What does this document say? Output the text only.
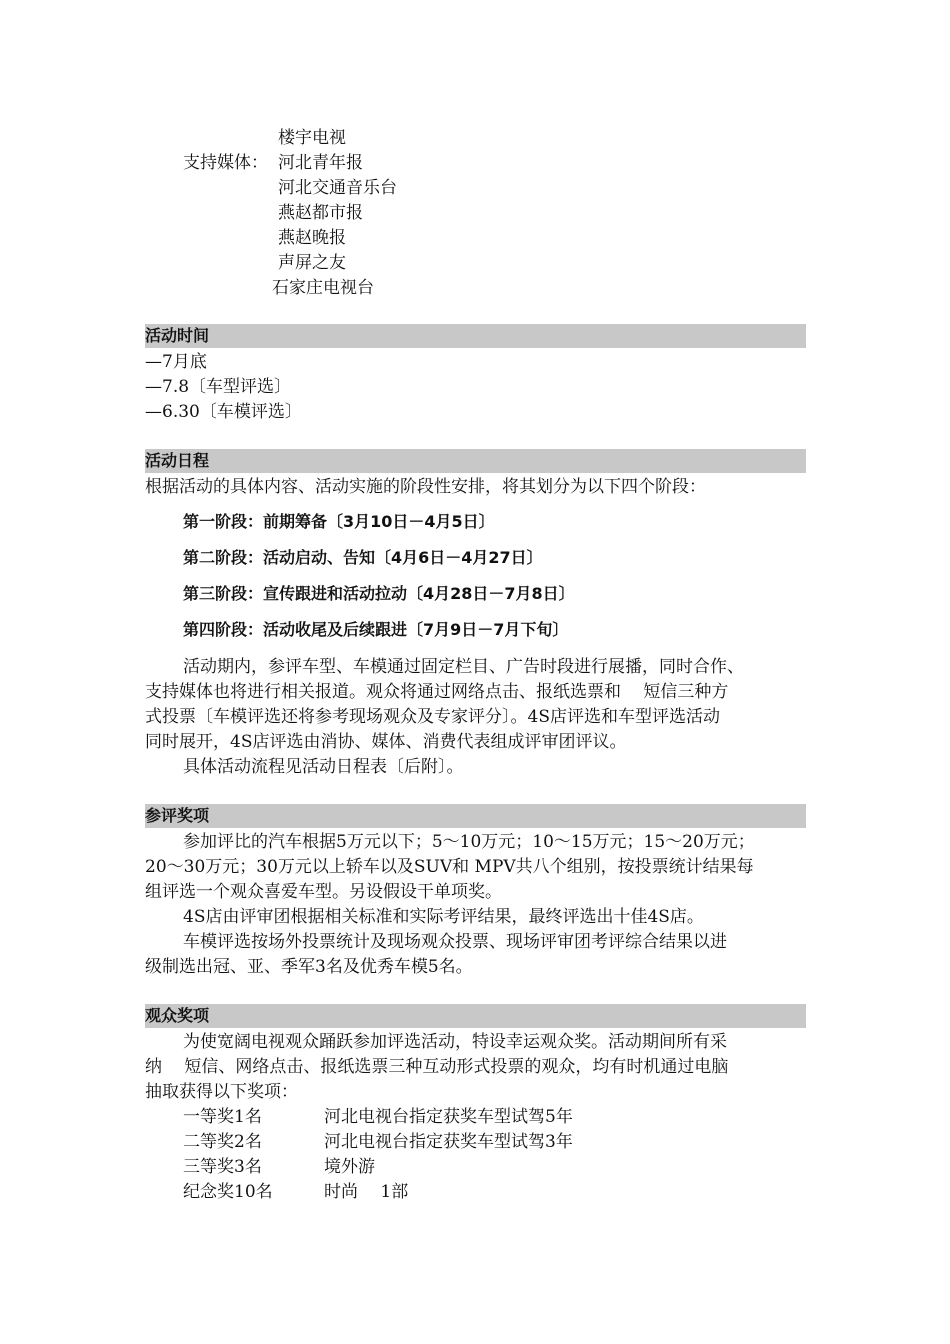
楼宇电视
支持媒体： 河北青年报
河北交通音乐台
燕赵都市报
燕赵晚报
声屏之友
石家庄电视台
活动时间
—7月底
—7.8〔车型评选〕
—6.30〔车模评选〕
活动日程
根据活动的具体内容、活动实施的阶段性安排，将其划分为以下四个阶段：
第一阶段：前期筹备〔3月10日－4月5日〕
第二阶段：活动启动、告知〔4月6日－4月27日〕
第三阶段：宣传跟进和活动拉动〔4月28日－7月8日〕
第四阶段：活动收尾及后续跟进〔7月9日－7月下旬〕
活动期内，参评车型、车模通过固定栏目、广告时段进行展播，同时合作、
支持媒体也将进行相关报道。观众将通过网络点击、报纸选票和　 短信三种方
式投票〔车模评选还将参考现场观众及专家评分〕。4S店评选和车型评选活动
同时展开，4S店评选由消协、媒体、消费代表组成评审团评议。
具体活动流程见活动日程表〔后附〕。
参评奖项
参加评比的汽车根据5万元以下；5～10万元；10～15万元；15～20万元；
20～30万元；30万元以上轿车以及SUV和 MPV共八个组别，按投票统计结果每
组评选一个观众喜爱车型。另设假设干单项奖。
4S店由评审团根据相关标准和实际考评结果，最终评选出十佳4S店。
车模评选按场外投票统计及现场观众投票、现场评审团考评综合结果以进
级制选出冠、亚、季军3名及优秀车模5名。
观众奖项
为使宽阔电视观众踊跃参加评选活动，特设幸运观众奖。活动期间所有采
纳　 短信、网络点击、报纸选票三种互动形式投票的观众，均有时机通过电脑
抽取获得以下奖项：
一等奖1名	河北电视台指定获奖车型试驾5年
二等奖2名	河北电视台指定获奖车型试驾3年
三等奖3名	境外游
纪念奖10名	时尚　 1部
